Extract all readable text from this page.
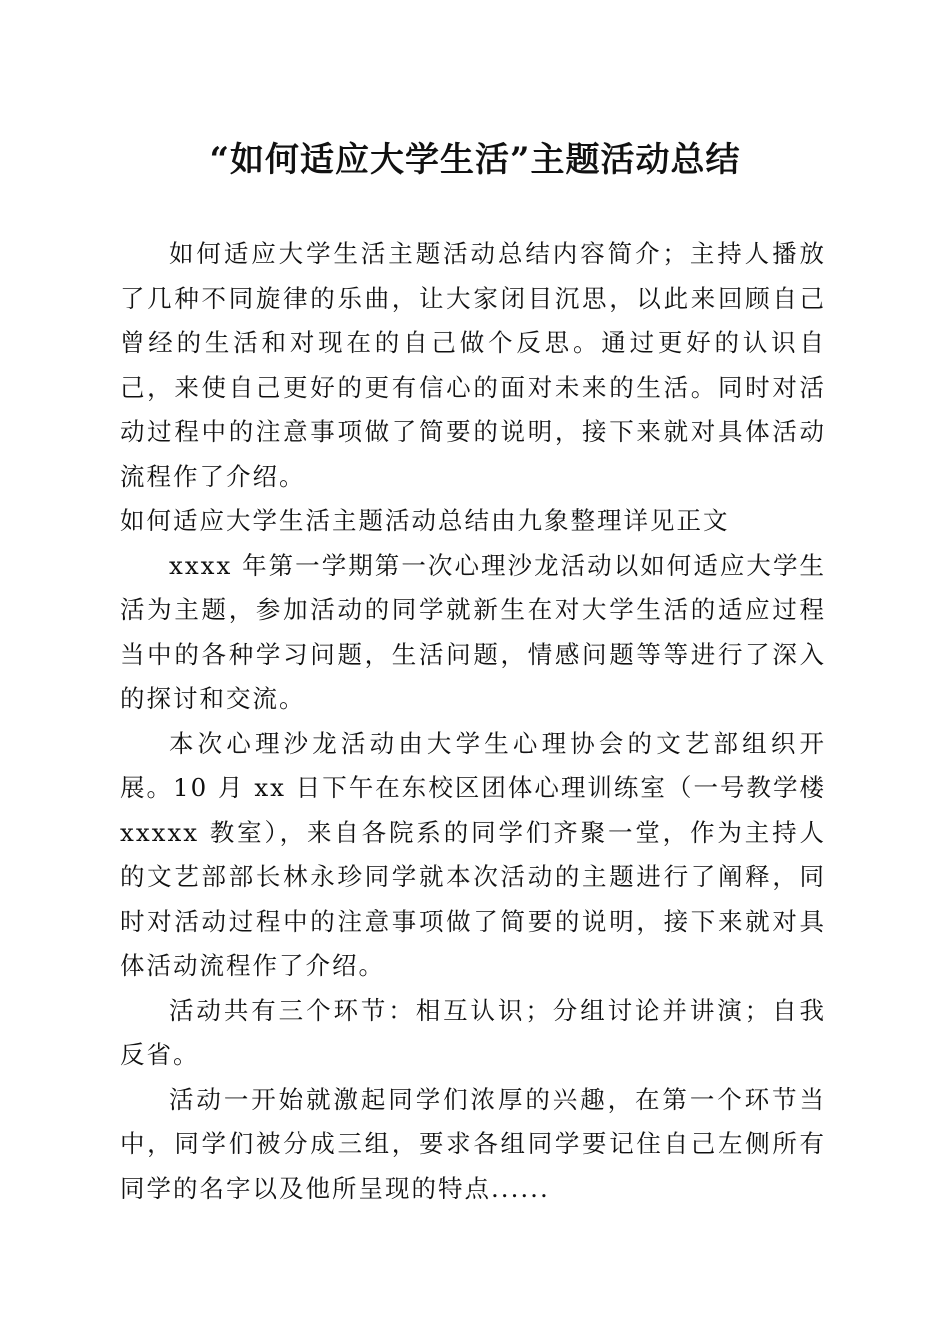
“如何适应大学生活”主题活动总结

如何适应大学生活主题活动总结内容简介；主持人播放了几种不同旋律的乐曲，让大家闭目沉思，以此来回顾自己曾经的生活和对现在的自己做个反思。通过更好的认识自己，来使自己更好的更有信心的面对未来的生活。同时对活动过程中的注意事项做了简要的说明，接下来就对具体活动流程作了介绍。

如何适应大学生活主题活动总结由九象整理详见正文

xxxx 年第一学期第一次心理沙龙活动以如何适应大学生活为主题，参加活动的同学就新生在对大学生活的适应过程当中的各种学习问题，生活问题，情感问题等等进行了深入的探讨和交流。

本次心理沙龙活动由大学生心理协会的文艺部组织开展。10 月 xx 日下午在东校区团体心理训练室（一号教学楼 xxxxx 教室），来自各院系的同学们齐聚一堂，作为主持人的文艺部部长林永珍同学就本次活动的主题进行了阐释，同时对活动过程中的注意事项做了简要的说明，接下来就对具体活动流程作了介绍。

活动共有三个环节：相互认识；分组讨论并讲演；自我反省。

活动一开始就激起同学们浓厚的兴趣，在第一个环节当中，同学们被分成三组，要求各组同学要记住自己左侧所有同学的名字以及他所呈现的特点......
